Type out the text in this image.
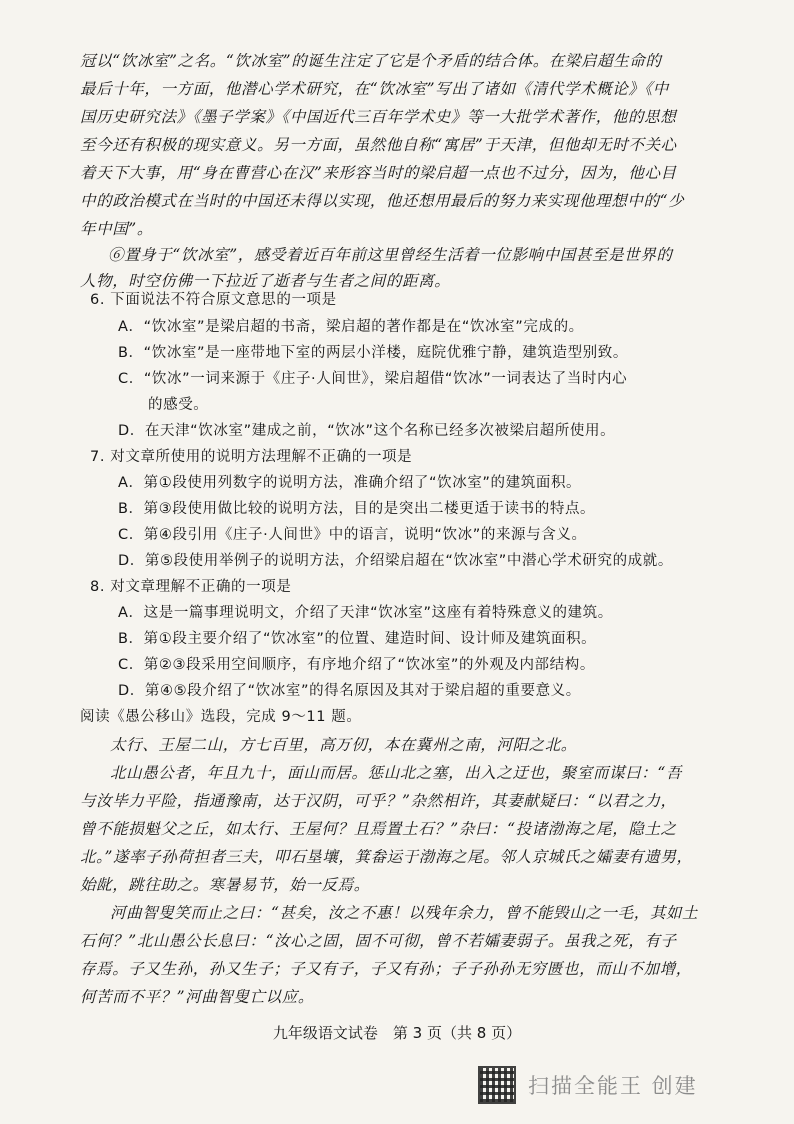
冠以“饮冰室”之名。“饮冰室”的诞生注定了它是个矛盾的结合体。在梁启超生命的
最后十年，一方面，他潜心学术研究，在“饮冰室”写出了诸如《清代学术概论》《中
国历史研究法》《墨子学案》《中国近代三百年学术史》等一大批学术著作，他的思想
至今还有积极的现实意义。另一方面，虽然他自称“寓居”于天津，但他却无时不关心
着天下大事，用“身在曹营心在汉”来形容当时的梁启超一点也不过分，因为，他心目
中的政治模式在当时的中国还未得以实现，他还想用最后的努力来实现他理想中的“少
年中国”。
⑥置身于“饮冰室”，感受着近百年前这里曾经生活着一位影响中国甚至是世界的
人物，时空仿佛一下拉近了逝者与生者之间的距离。
6. 下面说法不符合原文意思的一项是
A．“饮冰室”是梁启超的书斋，梁启超的著作都是在“饮冰室”完成的。
B．“饮冰室”是一座带地下室的两层小洋楼，庭院优雅宁静，建筑造型别致。
C．“饮冰”一词来源于《庄子·人间世》，梁启超借“饮冰”一词表达了当时内心
的感受。
D．在天津“饮冰室”建成之前，“饮冰”这个名称已经多次被梁启超所使用。
7. 对文章所使用的说明方法理解不正确的一项是
A．第①段使用列数字的说明方法，准确介绍了“饮冰室”的建筑面积。
B．第③段使用做比较的说明方法，目的是突出二楼更适于读书的特点。
C．第④段引用《庄子·人间世》中的语言，说明“饮冰”的来源与含义。
D．第⑤段使用举例子的说明方法，介绍梁启超在“饮冰室”中潜心学术研究的成就。
8. 对文章理解不正确的一项是
A．这是一篇事理说明文，介绍了天津“饮冰室”这座有着特殊意义的建筑。
B．第①段主要介绍了“饮冰室”的位置、建造时间、设计师及建筑面积。
C．第②③段采用空间顺序，有序地介绍了“饮冰室”的外观及内部结构。
D．第④⑤段介绍了“饮冰室”的得名原因及其对于梁启超的重要意义。
阅读《愚公移山》选段，完成 9～11 题。
太行、王屋二山，方七百里，高万仞，本在冀州之南，河阳之北。
北山愚公者，年且九十，面山而居。惩山北之塞，出入之迂也，聚室而谋曰：“吾
与汝毕力平险，指通豫南，达于汉阴，可乎？”杂然相许，其妻献疑曰：“以君之力，
曾不能损魁父之丘，如太行、王屋何？且焉置土石？”杂曰：“投诸渤海之尾，隐土之
北。”遂率子孙荷担者三夫，叩石垦壤，箕畚运于渤海之尾。邻人京城氏之孀妻有遗男，
始龀，跳往助之。寒暑易节，始一反焉。
河曲智叟笑而止之曰：“甚矣，汝之不惠！以残年余力，曾不能毁山之一毛，其如土
石何？”北山愚公长息曰：“汝心之固，固不可彻，曾不若孀妻弱子。虽我之死，有子
存焉。子又生孙，孙又生子；子又有子，子又有孙；子子孙孙无穷匮也，而山不加增，
何苦而不平？”河曲智叟亡以应。
九年级语文试卷　第 3 页（共 8 页）
扫描全能王 创建
